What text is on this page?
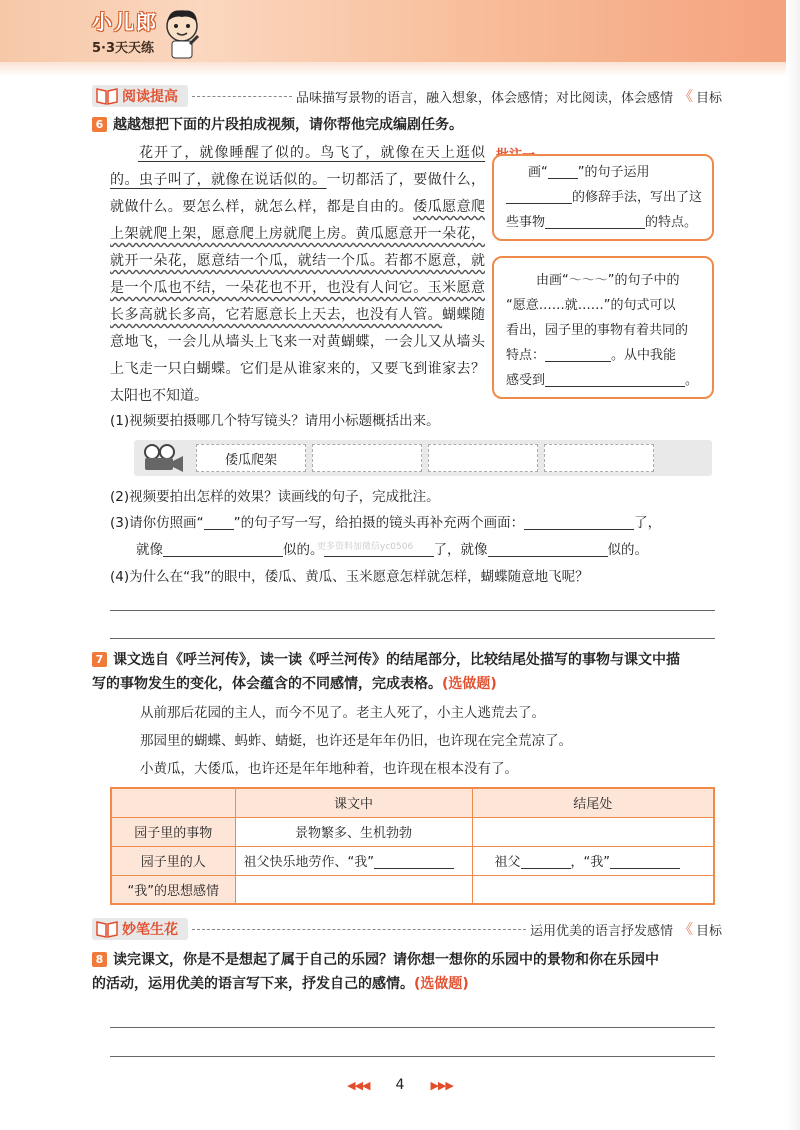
小儿郎
5·3天天练
阅读提高	品味描写景物的语言，融入想象，体会感情；对比阅读，体会感情 《 目标
6 越越想把下面的片段拍成视频，请你帮他完成编剧任务。
花开了，就像睡醒了似的。鸟飞了，就像在天上逛似的。虫子叫了，就像在说话似的。一切都活了，要做什么，就做什么。要怎么样，就怎么样，都是自由的。倭瓜愿意爬上架就爬上架，愿意爬上房就爬上房。黄瓜愿意开一朵花，就开一朵花，愿意结一个瓜，就结一个瓜。若都不愿意，就是一个瓜也不结，一朵花也不开，也没有人问它。玉米愿意长多高就长多高，它若愿意长上天去，也没有人管。蝴蝶随意地飞，一会儿从墙头上飞来一对黄蝴蝶，一会儿又从墙头上飞走一只白蝴蝶。它们是从谁家来的，又要飞到谁家去？太阳也不知道。
画“ ”的句子运用
的修辞手法，写出了这
些事物	的特点。
由画“～～～”的句子中的
“愿意……就……”的句式可以
看出，园子里的事物有着共同的
特点：	。从中我能
感受到	。
(1)视频要拍摄哪几个特写镜头？请用小标题概括出来。
倭瓜爬架
(2)视频要拍出怎样的效果？读画线的句子，完成批注。
(3)请你仿照画“ ”的句子写一写，给拍摄的镜头再补充两个画面：	了，
就像	似的。	了，就像	似的。
更多资料加微信yc0506
(4)为什么在“我”的眼中，倭瓜、黄瓜、玉米愿意怎样就怎样，蝴蝶随意地飞呢？
7 课文选自《呼兰河传》，读一读《呼兰河传》的结尾部分，比较结尾处描写的事物与课文中描
写的事物发生的变化，体会蕴含的不同感情，完成表格。(选做题)
从前那后花园的主人，而今不见了。老主人死了，小主人逃荒去了。
那园里的蝴蝶、蚂蚱、蜻蜓，也许还是年年仍旧，也许现在完全荒凉了。
小黄瓜，大倭瓜，也许还是年年地种着，也许现在根本没有了。
	课文中	结尾处
园子里的事物	景物繁多、生机勃勃	
园子里的人	祖父快乐地劳作、“我”	祖父 ，“我”
“我”的思想感情		
妙笔生花	运用优美的语言抒发感情 《 目标
8 读完课文，你是不是想起了属于自己的乐园？请你想一想你的乐园中的景物和你在乐园中
的活动，运用优美的语言写下来，抒发自己的感情。(选做题)
◀◀◀ 4 ▶▶▶
